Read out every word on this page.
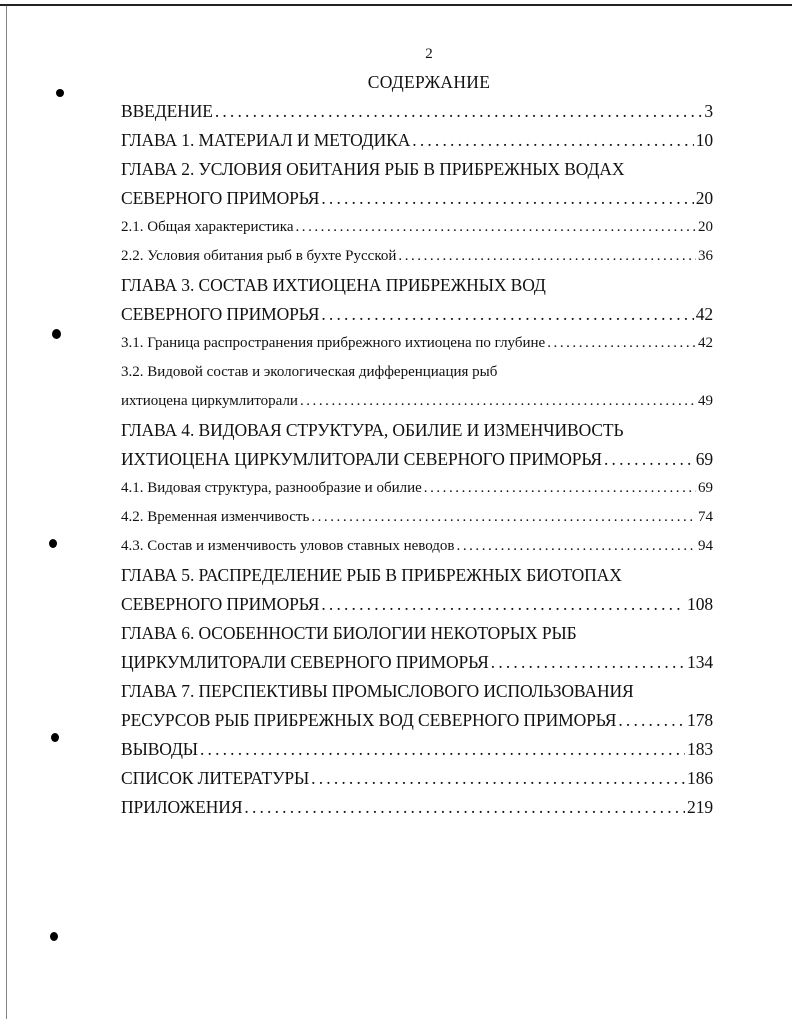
2
СОДЕРЖАНИЕ
ВВЕДЕНИЕ . . .	3
ГЛАВА 1. МАТЕРИАЛ И МЕТОДИКА . . .	10
ГЛАВА 2. УСЛОВИЯ ОБИТАНИЯ РЫБ В ПРИБРЕЖНЫХ ВОДАХ
СЕВЕРНОГО ПРИМОРЬЯ . . .	20
2.1. Общая характеристика . . .	20
2.2. Условия обитания рыб в бухте Русской . . .	36
ГЛАВА 3. СОСТАВ ИХТИОЦЕНА ПРИБРЕЖНЫХ ВОД
СЕВЕРНОГО ПРИМОРЬЯ . . .	42
3.1. Граница распространения прибрежного ихтиоцена по глубине . . .	42
3.2. Видовой состав и экологическая дифференциация рыб
ихтиоцена циркумлиторали . . .	49
ГЛАВА 4. ВИДОВАЯ СТРУКТУРА, ОБИЛИЕ И ИЗМЕНЧИВОСТЬ
ИХТИОЦЕНА ЦИРКУМЛИТОРАЛИ СЕВЕРНОГО ПРИМОРЬЯ . . .	69
4.1. Видовая структура, разнообразие и обилие . . .	69
4.2. Временная изменчивость . . .	74
4.3. Состав и изменчивость уловов ставных неводов . . .	94
ГЛАВА 5. РАСПРЕДЕЛЕНИЕ РЫБ В ПРИБРЕЖНЫХ БИОТОПАХ
СЕВЕРНОГО ПРИМОРЬЯ . . .	108
ГЛАВА 6. ОСОБЕННОСТИ БИОЛОГИИ НЕКОТОРЫХ РЫБ
ЦИРКУМЛИТОРАЛИ СЕВЕРНОГО ПРИМОРЬЯ . . .	134
ГЛАВА 7. ПЕРСПЕКТИВЫ ПРОМЫСЛОВОГО ИСПОЛЬЗОВАНИЯ
РЕСУРСОВ РЫБ ПРИБРЕЖНЫХ ВОД СЕВЕРНОГО ПРИМОРЬЯ . . .	178
ВЫВОДЫ . . .	183
СПИСОК ЛИТЕРАТУРЫ . . .	186
ПРИЛОЖЕНИЯ . . .	219
